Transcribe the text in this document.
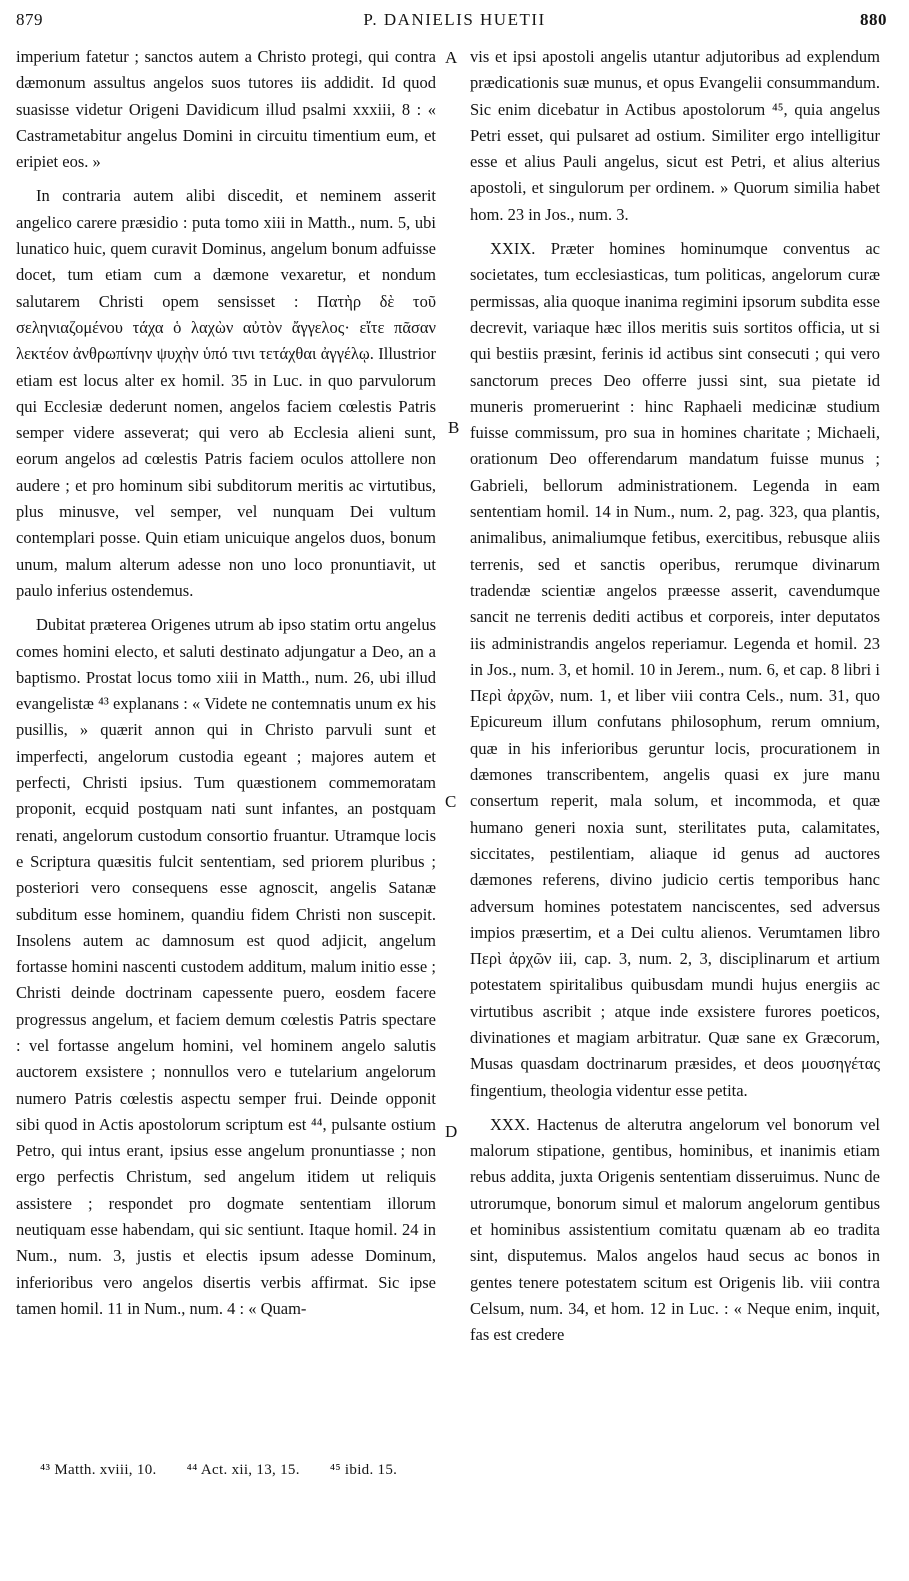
879	P. DANIELIS HUETII	880

imperium fatetur ; sanctos autem a Christo protegi, qui contra dæmonum assultus angelos suos tutores iis addidit. Id quod suasisse videtur Origeni Davidicum illud psalmi xxxiii, 8 : « Castrametabitur angelus Domini in circuitu timentium eum, et eripiet eos. »

In contraria autem alibi discedit, et neminem asserit angelico carere præsidio : puta tomo xiii in Matth., num. 5, ubi lunatico huic, quem curavit Dominus, angelum bonum adfuisse docet, tum etiam cum a dæmone vexaretur, et nondum salutarem Christi opem sensisset : Πατὴρ δὲ τοῦ σεληνιαζομένου τάχα ὁ λαχὼν αὐτὸν ἄγγελος· εἴτε πᾶσαν λεκτέον ἀνθρωπίνην ψυχὴν ὑπό τινι τετάχθαι ἀγγέλῳ. Illustrior etiam est locus alter ex homil. 35 in Luc. in quo parvulorum qui Ecclesiæ dederunt nomen, angelos faciem cœlestis Patris semper videre asseverat; qui vero ab Ecclesia alieni sunt, eorum angelos ad cœlestis Patris faciem oculos attollere non audere ; et pro hominum sibi subditorum meritis ac virtutibus, plus minusve, vel semper, vel nunquam Dei vultum contemplari posse. Quin etiam unicuique angelos duos, bonum unum, malum alterum adesse non uno loco pronuntiavit, ut paulo inferius ostendemus.

Dubitat præterea Origenes utrum ab ipso statim ortu angelus comes homini electo, et saluti destinato adjungatur a Deo, an a baptismo. Prostat locus tomo xiii in Matth., num. 26, ubi illud evangelistæ ⁴³ explanans : « Videte ne contemnatis unum ex his pusillis, » quærit annon qui in Christo parvuli sunt et imperfecti, angelorum custodia egeant ; majores autem et perfecti, Christi ipsius. Tum quæstionem commemoratam proponit, ecquid postquam nati sunt infantes, an postquam renati, angelorum custodum consortio fruantur. Utramque locis e Scriptura quæsitis fulcit sententiam, sed priorem pluribus ; posteriori vero consequens esse agnoscit, angelis Satanæ subditum esse hominem, quandiu fidem Christi non suscepit. Insolens autem ac damnosum est quod adjicit, angelum fortasse homini nascenti custodem additum, malum initio esse ; Christi deinde doctrinam capessente puero, eosdem facere progressus angelum, et faciem demum cœlestis Patris spectare : vel fortasse angelum homini, vel hominem angelo salutis auctorem exsistere ; nonnullos vero e tutelarium angelorum numero Patris cœlestis aspectu semper frui. Deinde opponit sibi quod in Actis apostolorum scriptum est ⁴⁴, pulsante ostium Petro, qui intus erant, ipsius esse angelum pronuntiasse ; non ergo perfectis Christum, sed angelum itidem ut reliquis assistere ; respondet pro dogmate sententiam illorum neutiquam esse habendam, qui sic sentiunt. Itaque homil. 24 in Num., num. 3, justis et electis ipsum adesse Dominum, inferioribus vero angelos disertis verbis affirmat. Sic ipse tamen homil. 11 in Num., num. 4 : « Quam-

vis et ipsi apostoli angelis utantur adjutoribus ad explendum prædicationis suæ munus, et opus Evangelii consummandum. Sic enim dicebatur in Actibus apostolorum ⁴⁵, quia angelus Petri esset, qui pulsaret ad ostium. Similiter ergo intelligitur esse et alius Pauli angelus, sicut est Petri, et alius alterius apostoli, et singulorum per ordinem. » Quorum similia habet hom. 23 in Jos., num. 3.

XXIX. Præter homines hominumque conventus ac societates, tum ecclesiasticas, tum politicas, angelorum curæ permissas, alia quoque inanima regimini ipsorum subdita esse decrevit, variaque hæc illos meritis suis sortitos officia, ut si qui bestiis præsint, ferinis id actibus sint consecuti ; qui vero sanctorum preces Deo offerre jussi sint, sua pietate id muneris promeruerint : hinc Raphaeli medicinæ studium fuisse commissum, pro sua in homines charitate ; Michaeli, orationum Deo offerendarum mandatum fuisse munus ; Gabrieli, bellorum administrationem. Legenda in eam sententiam homil. 14 in Num., num. 2, pag. 323, qua plantis, animalibus, animaliumque fetibus, exercitibus, rebusque aliis terrenis, sed et sanctis operibus, rerumque divinarum tradendæ scientiæ angelos præesse asserit, cavendumque sancit ne terrenis dediti actibus et corporeis, inter deputatos iis administrandis angelos reperiamur. Legenda et homil. 23 in Jos., num. 3, et homil. 10 in Jerem., num. 6, et cap. 8 libri i Περὶ ἀρχῶν, num. 1, et liber viii contra Cels., num. 31, quo Epicureum illum confutans philosophum, rerum omnium, quæ in his inferioribus geruntur locis, procurationem in dæmones transcribentem, angelis quasi ex jure manu consertum reperit, mala solum, et incommoda, et quæ humano generi noxia sunt, sterilitates puta, calamitates, siccitates, pestilentiam, aliaque id genus ad auctores dæmones referens, divino judicio certis temporibus hanc adversum homines potestatem nanciscentes, sed adversus impios præsertim, et a Dei cultu alienos. Verumtamen libro Περὶ ἀρχῶν iii, cap. 3, num. 2, 3, disciplinarum et artium potestatem spiritalibus quibusdam mundi hujus energiis ac virtutibus ascribit ; atque inde exsistere furores poeticos, divinationes et magiam arbitratur. Quæ sane ex Græcorum, Musas quasdam doctrinarum præsides, et deos μουσηγέτας fingentium, theologia videntur esse petita.

XXX. Hactenus de alterutra angelorum vel bonorum vel malorum stipatione, gentibus, hominibus, et inanimis etiam rebus addita, juxta Origenis sententiam disseruimus. Nunc de utrorumque, bonorum simul et malorum angelorum gentibus et hominibus assistentium comitatu quænam ab eo tradita sint, disputemus. Malos angelos haud secus ac bonos in gentes tenere potestatem scitum est Origenis lib. viii contra Celsum, num. 34, et hom. 12 in Luc. : « Neque enim, inquit, fas est credere

A
B
C
D
⁴³ Matth. xviii, 10. ⁴⁴ Act. xii, 13, 15. ⁴⁵ ibid. 15.
